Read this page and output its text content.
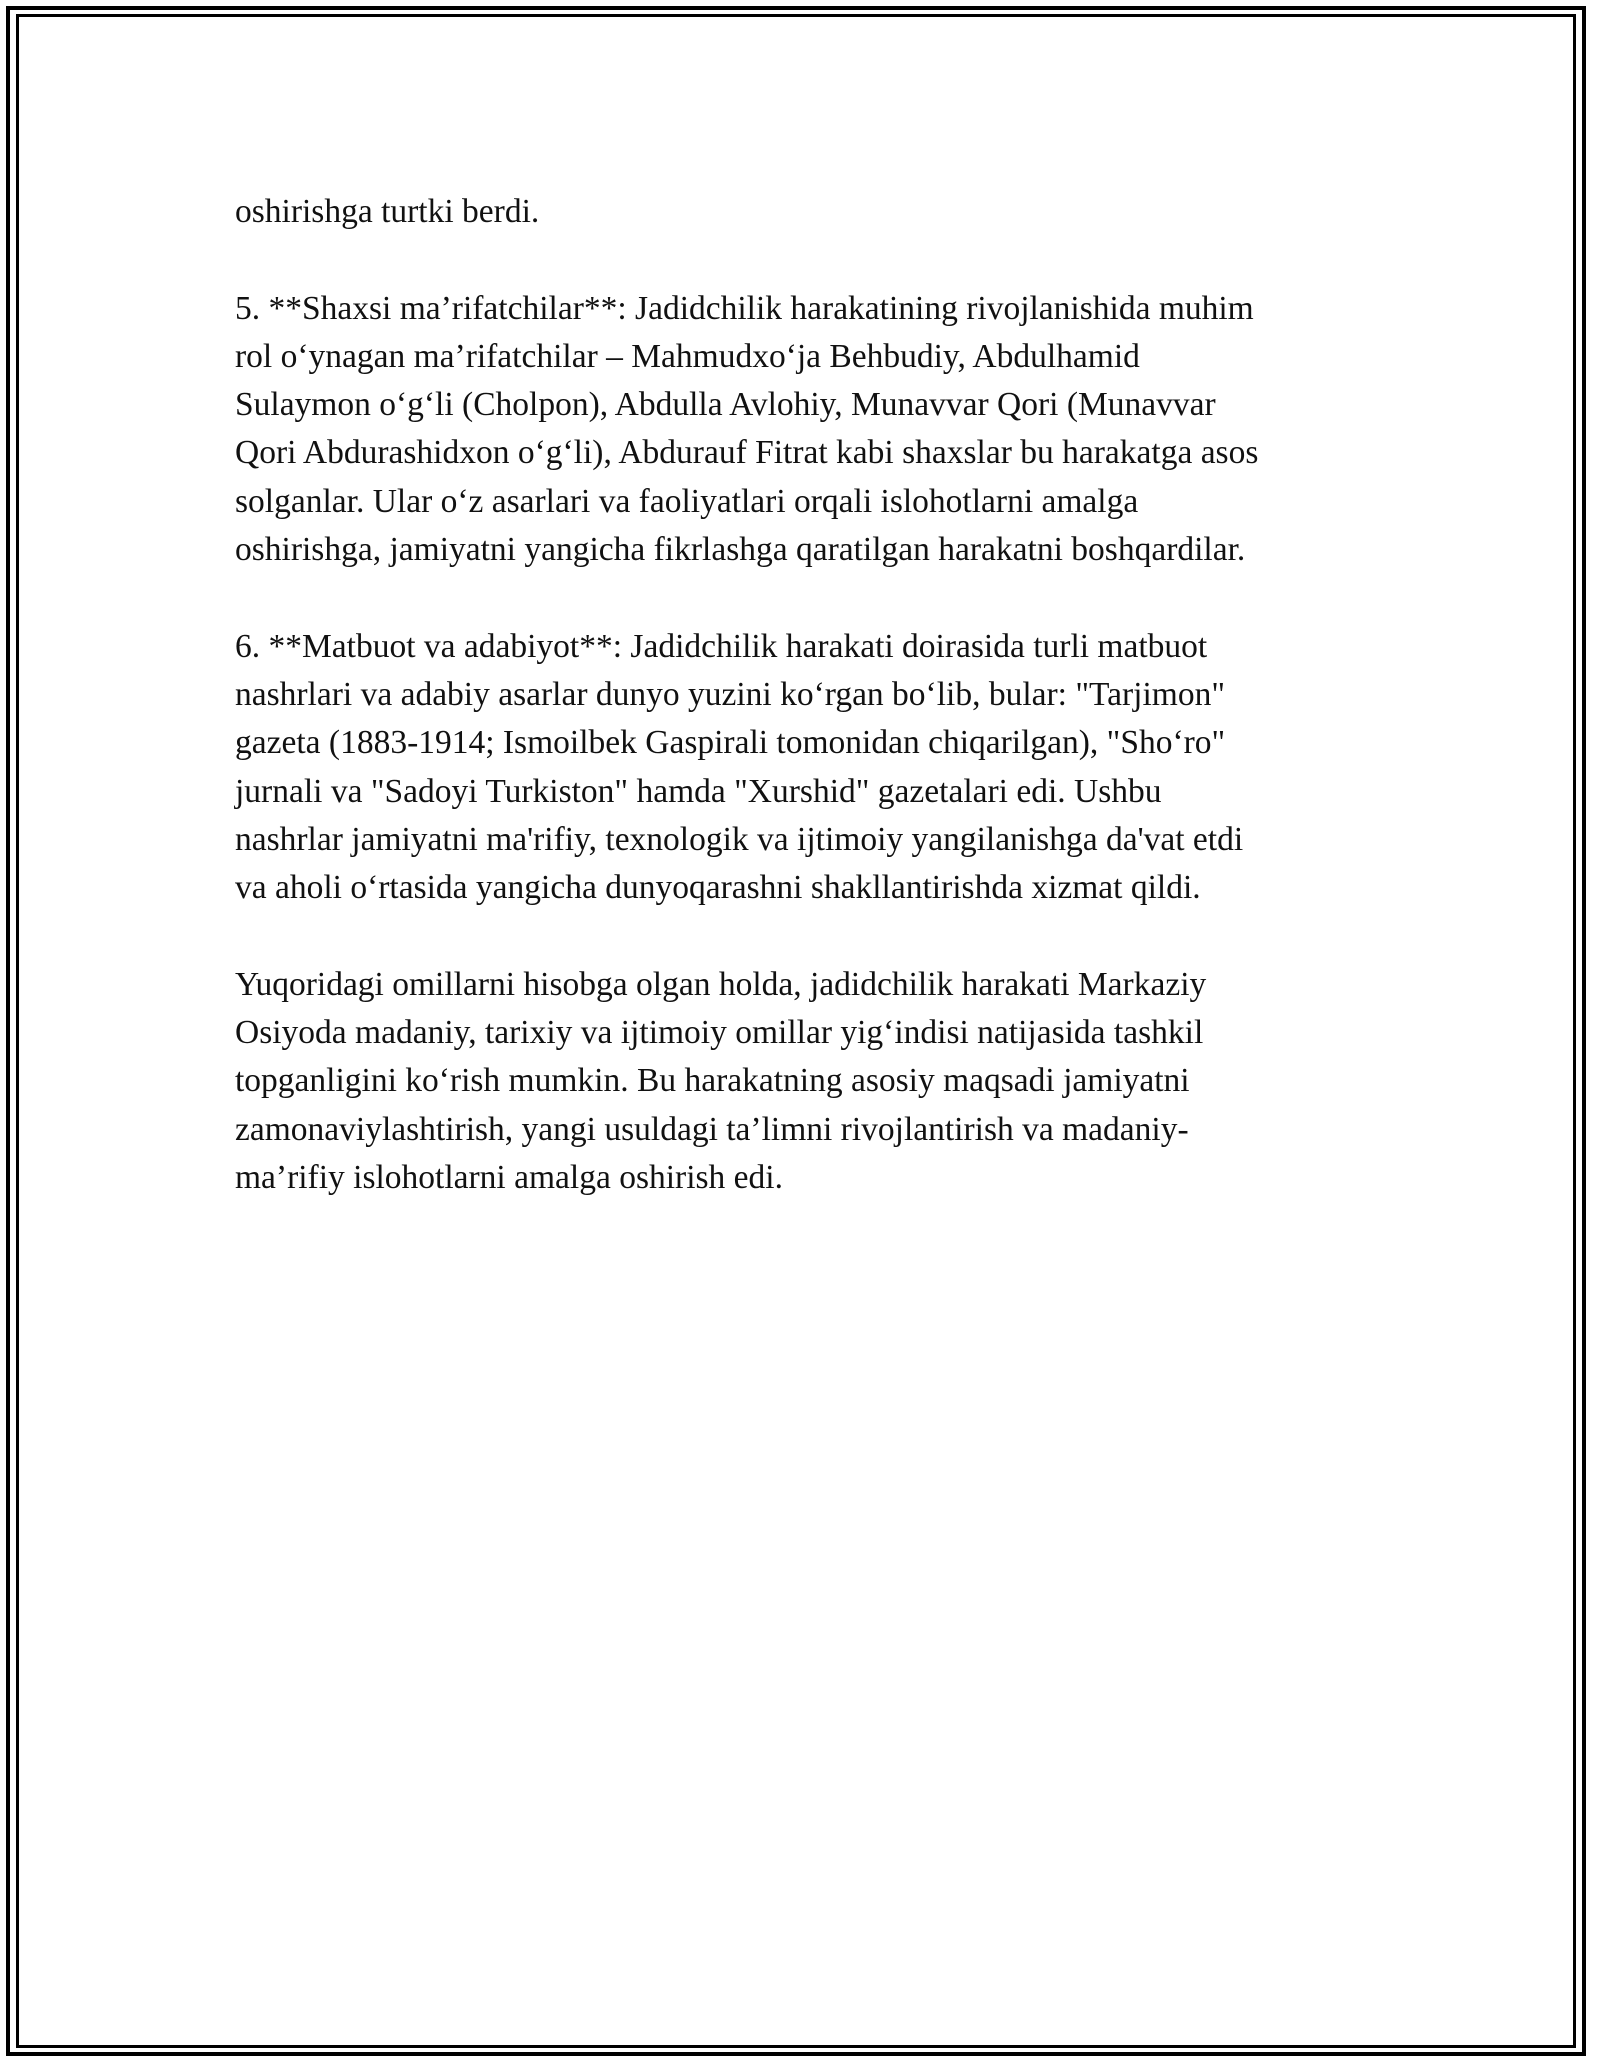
oshirishga turtki berdi.
5. **Shaxsi ma’rifatchilar**: Jadidchilik harakatining rivojlanishida muhim
rol o‘ynagan ma’rifatchilar – Mahmudxo‘ja Behbudiy, Abdulhamid
Sulaymon o‘g‘li (Cholpon), Abdulla Avlohiy, Munavvar Qori (Munavvar
Qori Abdurashidxon o‘g‘li), Abdurauf Fitrat kabi shaxslar bu harakatga asos
solganlar. Ular o‘z asarlari va faoliyatlari orqali islohotlarni amalga
oshirishga, jamiyatni yangicha fikrlashga qaratilgan harakatni boshqardilar.
6. **Matbuot va adabiyot**: Jadidchilik harakati doirasida turli matbuot
nashrlari va adabiy asarlar dunyo yuzini ko‘rgan bo‘lib, bular: "Tarjimon"
gazeta (1883-1914; Ismoilbek Gaspirali tomonidan chiqarilgan), "Sho‘ro"
jurnali va "Sadoyi Turkiston" hamda "Xurshid" gazetalari edi. Ushbu
nashrlar jamiyatni ma'rifiy, texnologik va ijtimoiy yangilanishga da'vat etdi
va aholi o‘rtasida yangicha dunyoqarashni shakllantirishda xizmat qildi.
Yuqoridagi omillarni hisobga olgan holda, jadidchilik harakati Markaziy
Osiyoda madaniy, tarixiy va ijtimoiy omillar yig‘indisi natijasida tashkil
topganligini ko‘rish mumkin. Bu harakatning asosiy maqsadi jamiyatni
zamonaviylashtirish, yangi usuldagi ta’limni rivojlantirish va madaniy-
ma’rifiy islohotlarni amalga oshirish edi.
